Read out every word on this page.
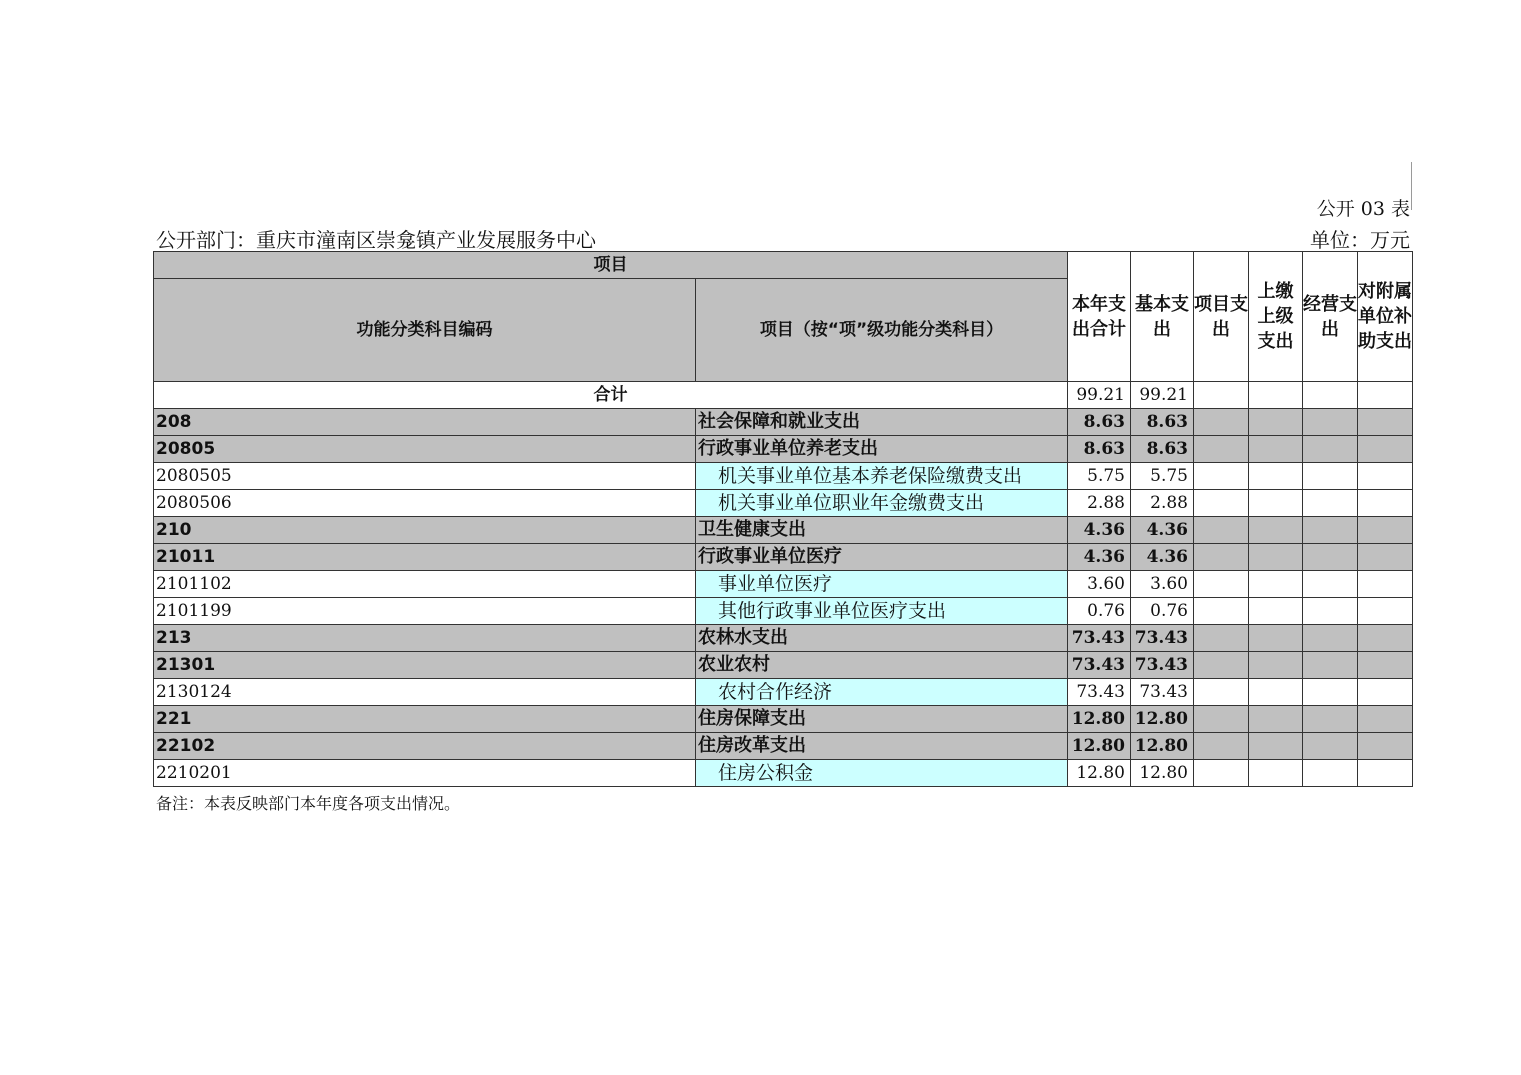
公开 03 表
公开部门：重庆市潼南区崇龛镇产业发展服务中心	单位：万元
项目		本年支出合计	基本支出	项目支出	上缴上级支出	经营支出	对附属单位补助支出
功能分类科目编码	项目（按“项”级功能分类科目）						
合计		99.21	99.21				
208	社会保障和就业支出	8.63	8.63				
20805	行政事业单位养老支出	8.63	8.63				
2080505	机关事业单位基本养老保险缴费支出	5.75	5.75				
2080506	机关事业单位职业年金缴费支出	2.88	2.88				
210	卫生健康支出	4.36	4.36				
21011	行政事业单位医疗	4.36	4.36				
2101102	事业单位医疗	3.60	3.60				
2101199	其他行政事业单位医疗支出	0.76	0.76				
213	农林水支出	73.43	73.43				
21301	农业农村	73.43	73.43				
2130124	农村合作经济	73.43	73.43				
221	住房保障支出	12.80	12.80				
22102	住房改革支出	12.80	12.80				
2210201	住房公积金	12.80	12.80				
备注：本表反映部门本年度各项支出情况。
